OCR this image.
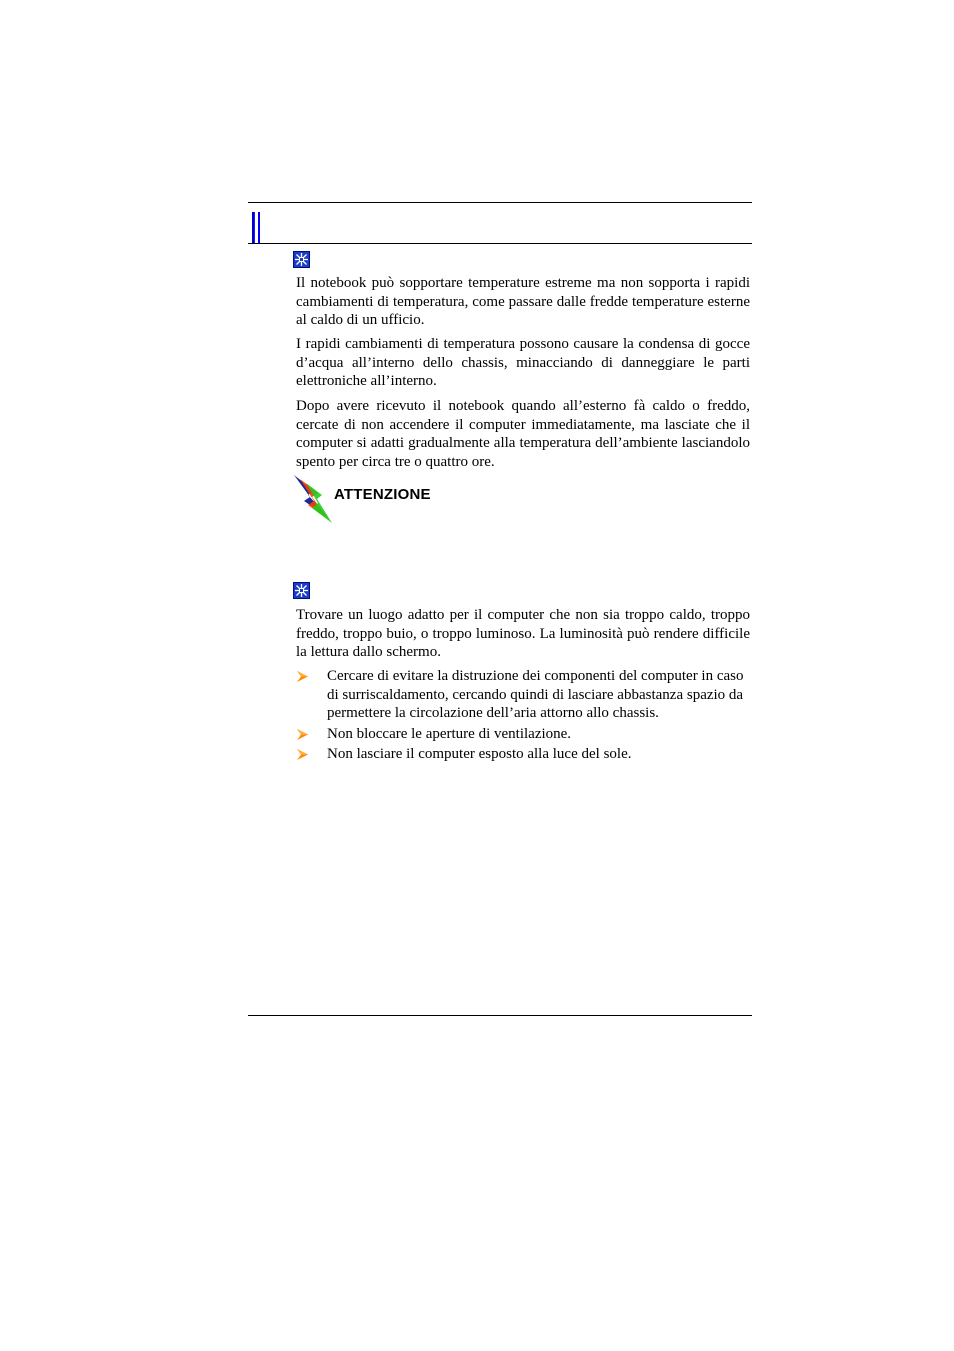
Il notebook può sopportare temperature estreme ma non sopporta i rapidi cambiamenti di temperatura, come passare dalle fredde temperature esterne al caldo di un ufficio.

I rapidi cambiamenti di temperatura possono causare la condensa di gocce d’acqua all’interno dello chassis, minacciando di danneggiare le parti elettroniche all’interno.

Dopo avere ricevuto il notebook quando all’esterno fà caldo o freddo, cercate di non accendere il computer immediatamente, ma lasciate che il computer si adatti gradualmente alla temperatura dell’ambiente lasciandolo spento per circa tre o quattro ore.

ATTENZIONE

Trovare un luogo adatto per il computer che non sia troppo caldo, troppo freddo, troppo buio, o troppo luminoso. La luminosità può rendere difficile la lettura dallo schermo.

Cercare di evitare la distruzione dei componenti del computer in caso di surriscaldamento, cercando quindi di lasciare abbastanza spazio da permettere la circolazione dell’aria attorno allo chassis.
Non bloccare le aperture di ventilazione.
Non lasciare il computer esposto alla luce del sole.
